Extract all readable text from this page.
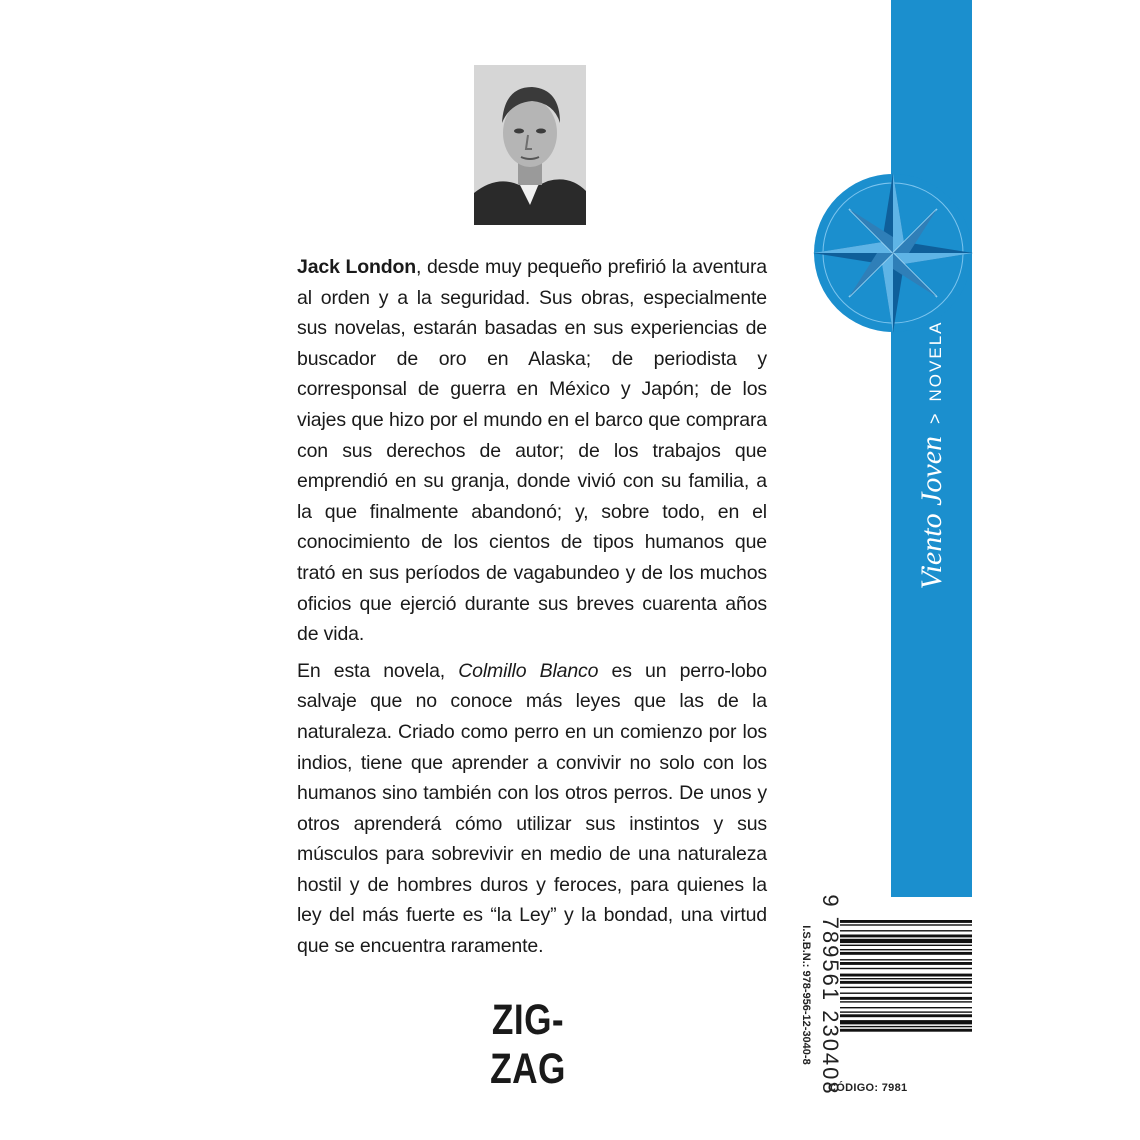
Jack London, desde muy pequeño prefirió la aventura al orden y a la seguridad. Sus obras, especialmente sus novelas, estarán basadas en sus experiencias de buscador de oro en Alaska; de periodista y corresponsal de guerra en México y Japón; de los viajes que hizo por el mundo en el barco que comprara con sus derechos de autor; de los trabajos que emprendió en su granja, donde vivió con su familia, a la que finalmente abandonó; y, sobre todo, en el conocimiento de los cientos de tipos humanos que trató en sus períodos de vagabundeo y de los muchos oficios que ejerció durante sus breves cuarenta años de vida.

En esta novela, Colmillo Blanco es un perro-lobo salvaje que no conoce más leyes que las de la naturaleza. Criado como perro en un comienzo por los indios, tiene que aprender a convivir no solo con los humanos sino también con los otros perros. De unos y otros aprenderá cómo utilizar sus instintos y sus músculos para sobrevivir en medio de una naturaleza hostil y de hombres duros y feroces, para quienes la ley del más fuerte es “la Ley” y la bondad, una virtud que se encuentra raramente.

ZIG-ZAG
Viento Joven
>
NOVELA
I.S.B.N.: 978-956-12-3040-8 9 789561 230408
CÓDIGO: 7981
